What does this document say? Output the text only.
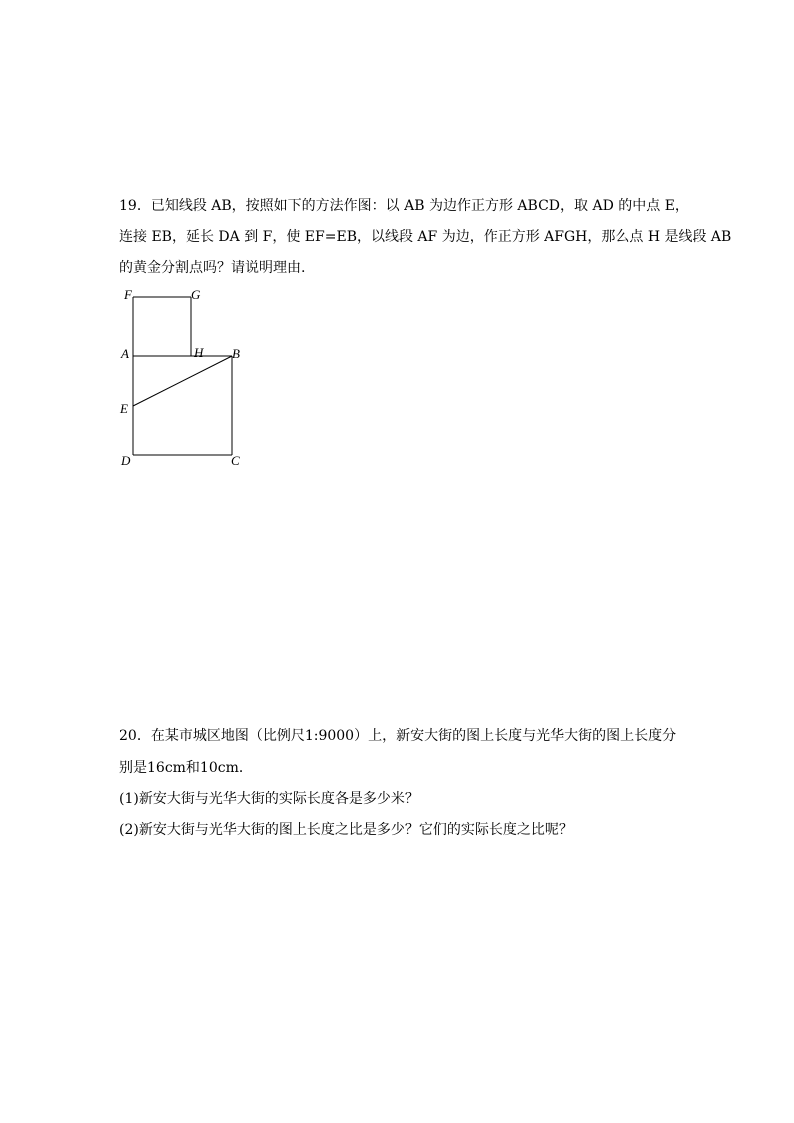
19．已知线段 AB，按照如下的方法作图：以 AB 为边作正方形 ABCD，取 AD 的中点 E，
连接 EB，延长 DA 到 F，使 EF=EB，以线段 AF 为边，作正方形 AFGH，那么点 H 是线段 AB
的黄金分割点吗？请说明理由.
F	G
A	H B
E
D	C
20．在某市城区地图（比例尺1:9000）上，新安大街的图上长度与光华大街的图上长度分
别是16cm和10cm．
(1)新安大街与光华大街的实际长度各是多少米？
(2)新安大街与光华大街的图上长度之比是多少？它们的实际长度之比呢？
